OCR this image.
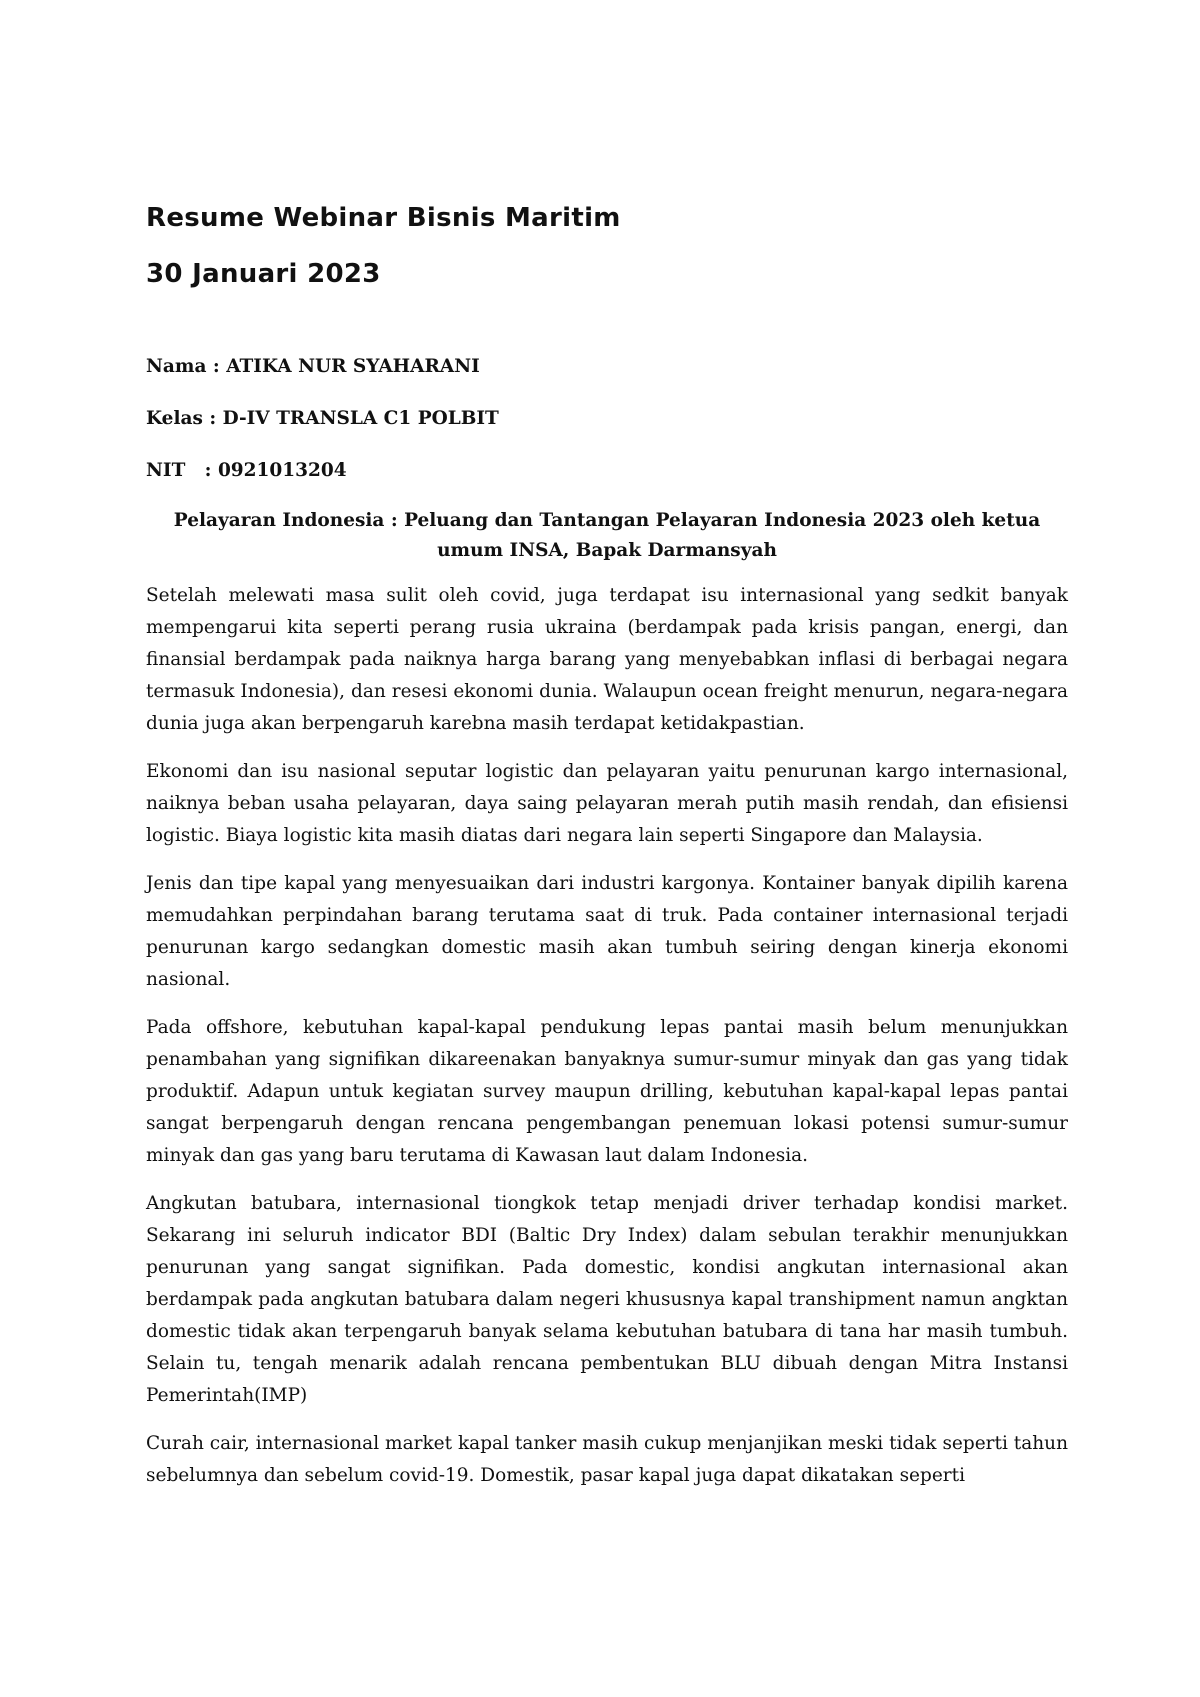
Resume Webinar Bisnis Maritim
30 Januari 2023

Nama : ATIKA NUR SYAHARANI

Kelas : D-IV TRANSLA C1 POLBIT

NIT   : 0921013204

Pelayaran Indonesia : Peluang dan Tantangan Pelayaran Indonesia 2023 oleh ketua umum INSA, Bapak Darmansyah

Setelah melewati masa sulit oleh covid, juga terdapat isu internasional yang sedkit banyak mempengarui kita seperti perang rusia ukraina (berdampak pada krisis pangan, energi, dan finansial berdampak pada naiknya harga barang yang menyebabkan inflasi di berbagai negara termasuk Indonesia), dan resesi ekonomi dunia. Walaupun ocean freight menurun, negara-negara dunia juga akan berpengaruh karebna masih terdapat ketidakpastian.

Ekonomi dan isu nasional seputar logistic dan pelayaran yaitu penurunan kargo internasional, naiknya beban usaha pelayaran, daya saing pelayaran merah putih masih rendah, dan efisiensi logistic. Biaya logistic kita masih diatas dari negara lain seperti Singapore dan Malaysia.

Jenis dan tipe kapal yang menyesuaikan dari industri kargonya. Kontainer banyak dipilih karena memudahkan perpindahan barang terutama saat di truk. Pada container internasional terjadi penurunan kargo sedangkan domestic masih akan tumbuh seiring dengan kinerja ekonomi nasional.

Pada offshore, kebutuhan kapal-kapal pendukung lepas pantai masih belum menunjukkan penambahan yang signifikan dikareenakan banyaknya sumur-sumur minyak dan gas yang tidak produktif. Adapun untuk kegiatan survey maupun drilling, kebutuhan kapal-kapal lepas pantai sangat berpengaruh dengan rencana pengembangan penemuan lokasi potensi sumur-sumur minyak dan gas yang baru terutama di Kawasan laut dalam Indonesia.

Angkutan batubara, internasional tiongkok tetap menjadi driver terhadap kondisi market. Sekarang ini seluruh indicator BDI (Baltic Dry Index) dalam sebulan terakhir menunjukkan penurunan yang sangat signifikan. Pada domestic, kondisi angkutan internasional akan berdampak pada angkutan batubara dalam negeri khususnya kapal transhipment namun angktan domestic tidak akan terpengaruh banyak selama kebutuhan batubara di tana har masih tumbuh. Selain tu, tengah menarik adalah rencana pembentukan BLU dibuah dengan Mitra Instansi Pemerintah(IMP)

Curah cair, internasional market kapal tanker masih cukup menjanjikan meski tidak seperti tahun sebelumnya dan sebelum covid-19. Domestik, pasar kapal juga dapat dikatakan seperti
